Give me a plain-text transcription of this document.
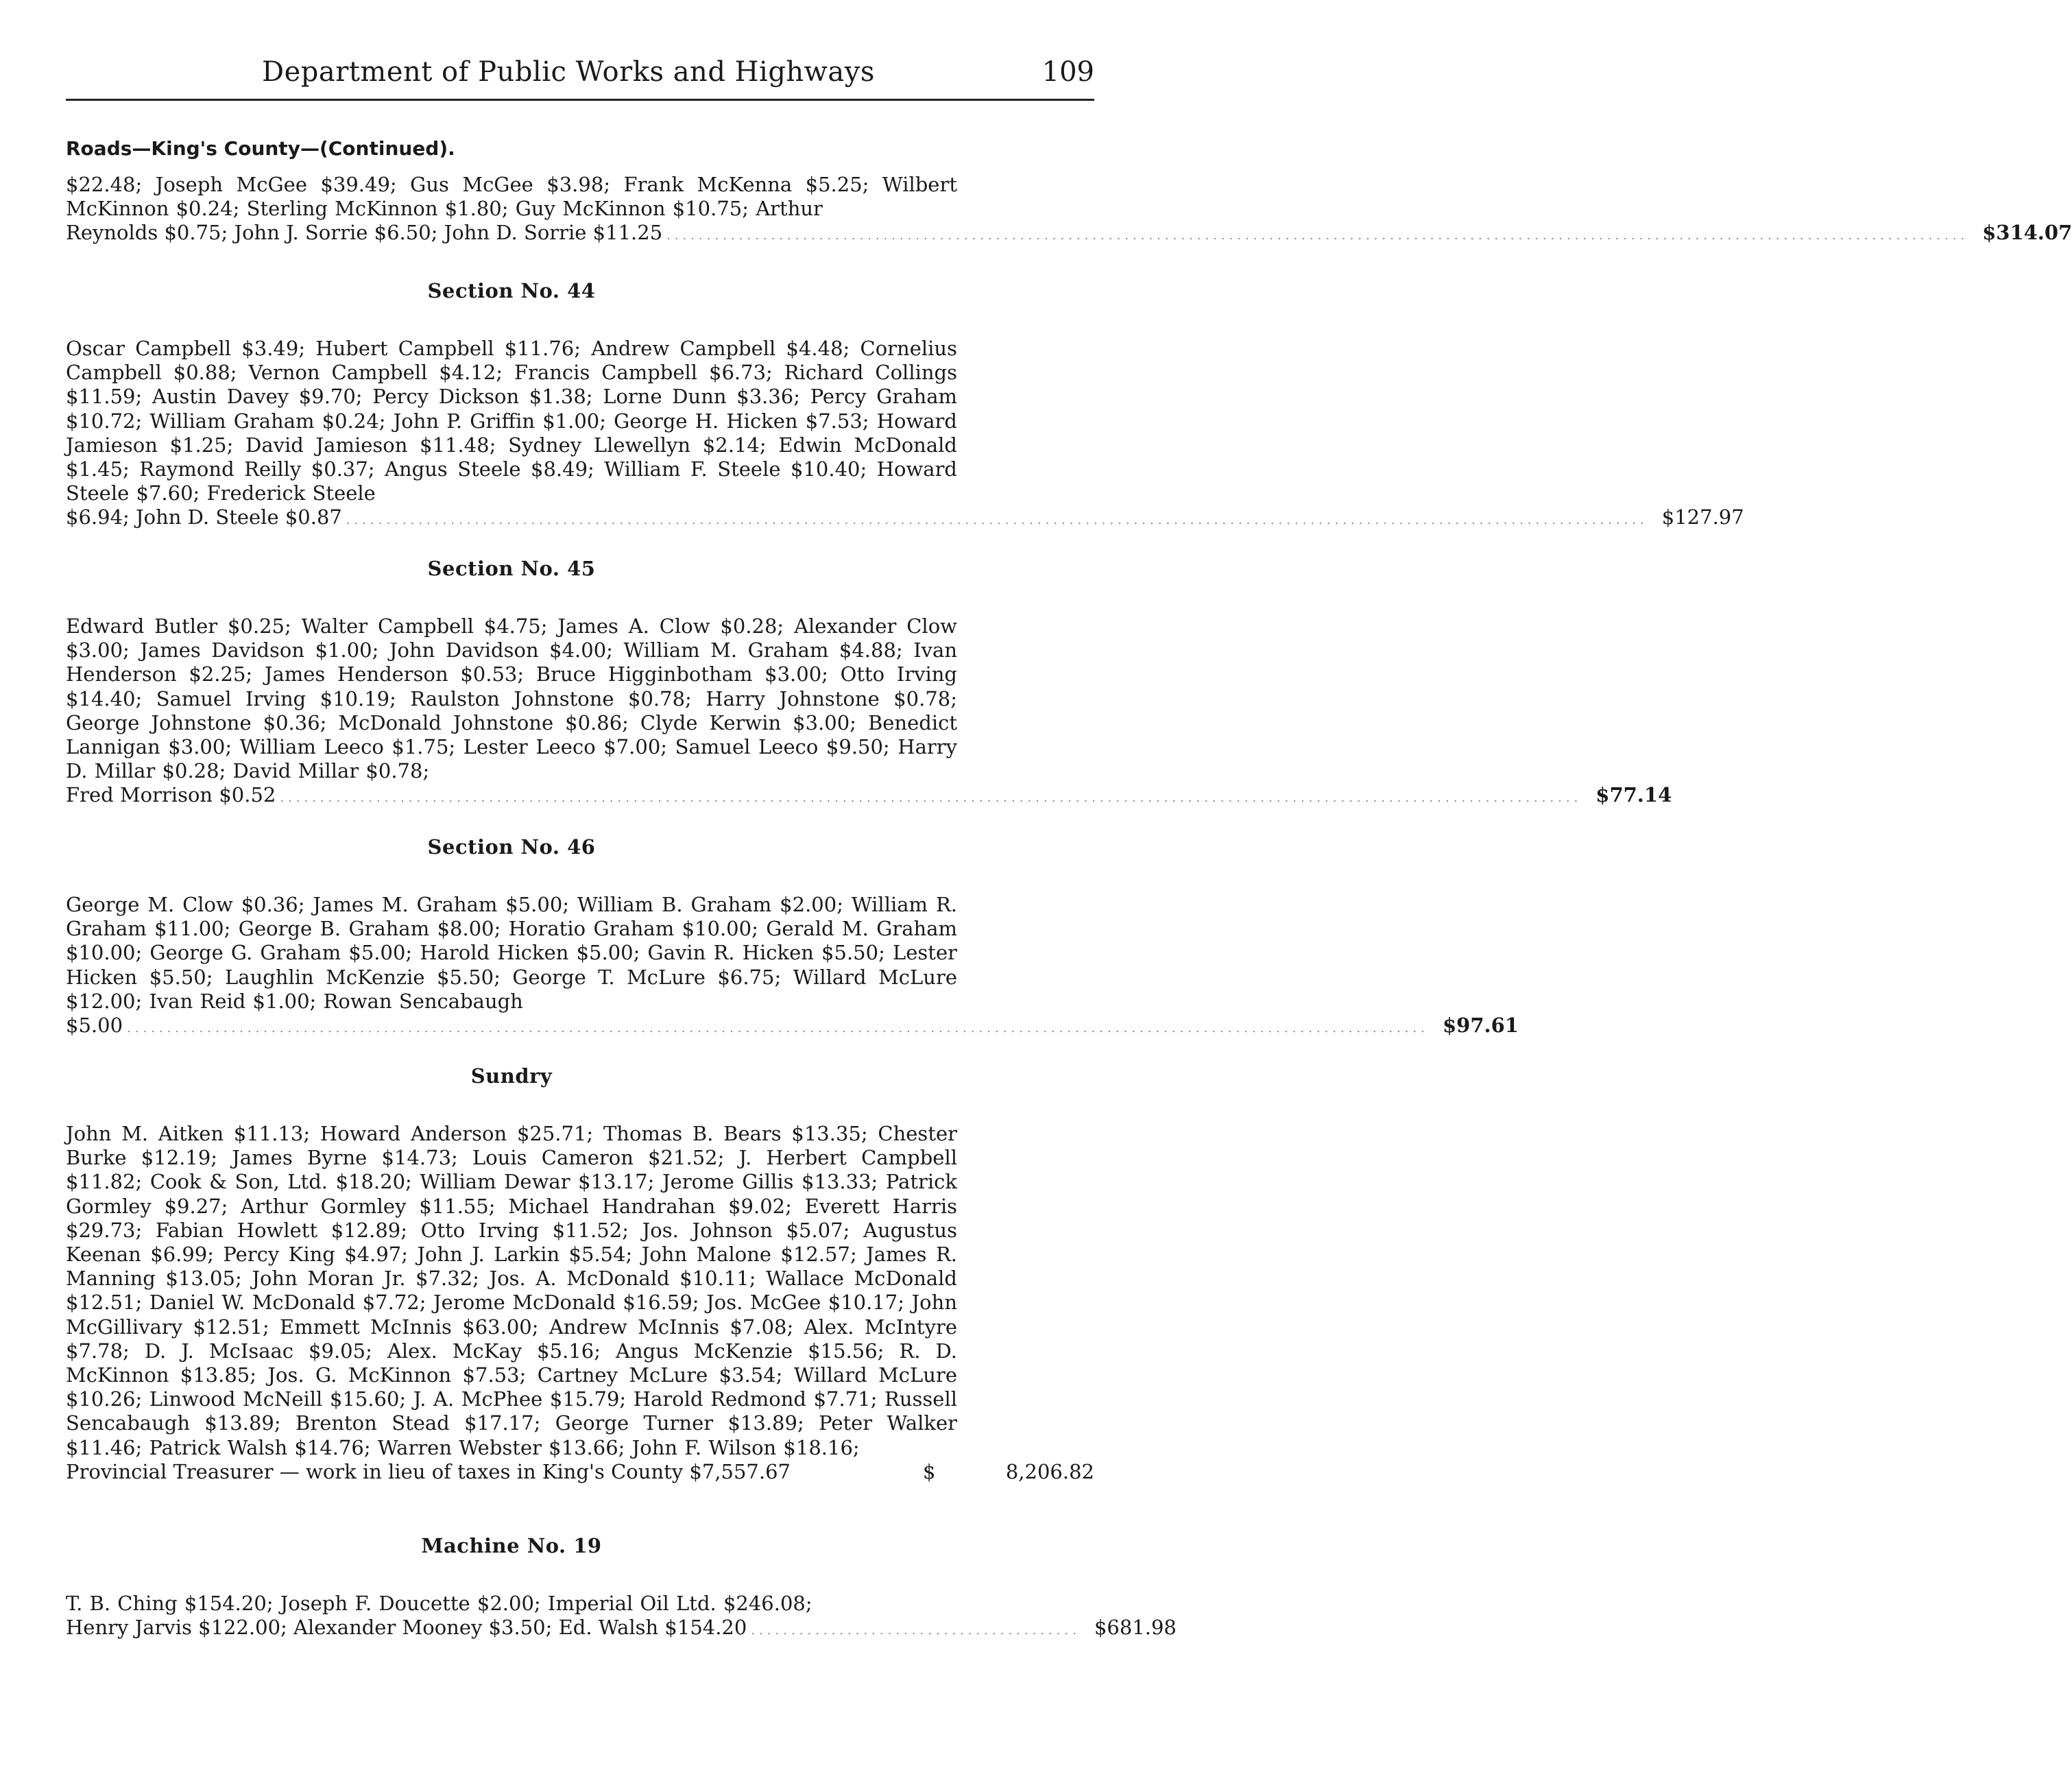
Department of Public Works and Highways	109
Roads—King's County—(Continued).
$22.48; Joseph McGee $39.49; Gus McGee $3.98; Frank McKenna $5.25; Wilbert McKinnon $0.24; Sterling McKinnon $1.80; Guy McKinnon $10.75; Arthur
Reynolds $0.75; John J. Sorrie $6.50; John D. Sorrie $11.25 .................................................................................................................................................................. $ 314.07
Section No. 44
Oscar Campbell $3.49; Hubert Campbell $11.76; Andrew Campbell $4.48; Cornelius Campbell $0.88; Vernon Campbell $4.12; Francis Campbell $6.73; Richard Collings $11.59; Austin Davey $9.70; Percy Dickson $1.38; Lorne Dunn $3.36; Percy Graham $10.72; William Graham $0.24; John P. Griffin $1.00; George H. Hicken $7.53; Howard Jamieson $1.25; David Jamieson $11.48; Sydney Llewellyn $2.14; Edwin McDonald $1.45; Raymond Reilly $0.37; Angus Steele $8.49; William F. Steele $10.40; Howard Steele $7.60; Frederick Steele
$6.94; John D. Steele $0.87 .................................................................................................................................................................. $ 127.97
Section No. 45
Edward Butler $0.25; Walter Campbell $4.75; James A. Clow $0.28; Alexander Clow $3.00; James Davidson $1.00; John Davidson $4.00; William M. Graham $4.88; Ivan Henderson $2.25; James Henderson $0.53; Bruce Higginbotham $3.00; Otto Irving $14.40; Samuel Irving $10.19; Raulston Johnstone $0.78; Harry Johnstone $0.78; George Johnstone $0.36; McDonald Johnstone $0.86; Clyde Kerwin $3.00; Benedict Lannigan $3.00; William Leeco $1.75; Lester Leeco $7.00; Samuel Leeco $9.50; Harry D. Millar $0.28; David Millar $0.78;
Fred Morrison $0.52 .................................................................................................................................................................. $ 77.14
Section No. 46
George M. Clow $0.36; James M. Graham $5.00; William B. Graham $2.00; William R. Graham $11.00; George B. Graham $8.00; Horatio Graham $10.00; Gerald M. Graham $10.00; George G. Graham $5.00; Harold Hicken $5.00; Gavin R. Hicken $5.50; Lester Hicken $5.50; Laughlin McKenzie $5.50; George T. McLure $6.75; Willard McLure $12.00; Ivan Reid $1.00; Rowan Sencabaugh
$5.00 .................................................................................................................................................................. $ 97.61
Sundry
John M. Aitken $11.13; Howard Anderson $25.71; Thomas B. Bears $13.35; Chester Burke $12.19; James Byrne $14.73; Louis Cameron $21.52; J. Herbert Campbell $11.82; Cook & Son, Ltd. $18.20; William Dewar $13.17; Jerome Gillis $13.33; Patrick Gormley $9.27; Arthur Gormley $11.55; Michael Handrahan $9.02; Everett Harris $29.73; Fabian Howlett $12.89; Otto Irving $11.52; Jos. Johnson $5.07; Augustus Keenan $6.99; Percy King $4.97; John J. Larkin $5.54; John Malone $12.57; James R. Manning $13.05; John Moran Jr. $7.32; Jos. A. McDonald $10.11; Wallace McDonald $12.51; Daniel W. McDonald $7.72; Jerome McDonald $16.59; Jos. McGee $10.17; John McGillivary $12.51; Emmett McInnis $63.00; Andrew McInnis $7.08; Alex. McIntyre $7.78; D. J. McIsaac $9.05; Alex. McKay $5.16; Angus McKenzie $15.56; R. D. McKinnon $13.85; Jos. G. McKinnon $7.53; Cartney McLure $3.54; Willard McLure $10.26; Linwood McNeill $15.60; J. A. McPhee $15.79; Harold Redmond $7.71; Russell Sencabaugh $13.89; Brenton Stead $17.17; George Turner $13.89; Peter Walker $11.46; Patrick Walsh $14.76; Warren Webster $13.66; John F. Wilson $18.16;
Provincial Treasurer — work in lieu of taxes in King's County $7,557.67	$	8,206.82
Machine No. 19
T. B. Ching $154.20; Joseph F. Doucette $2.00; Imperial Oil Ltd. $246.08;
Henry Jarvis $122.00; Alexander Mooney $3.50; Ed. Walsh $154.20 ......................................... $ 681.98
